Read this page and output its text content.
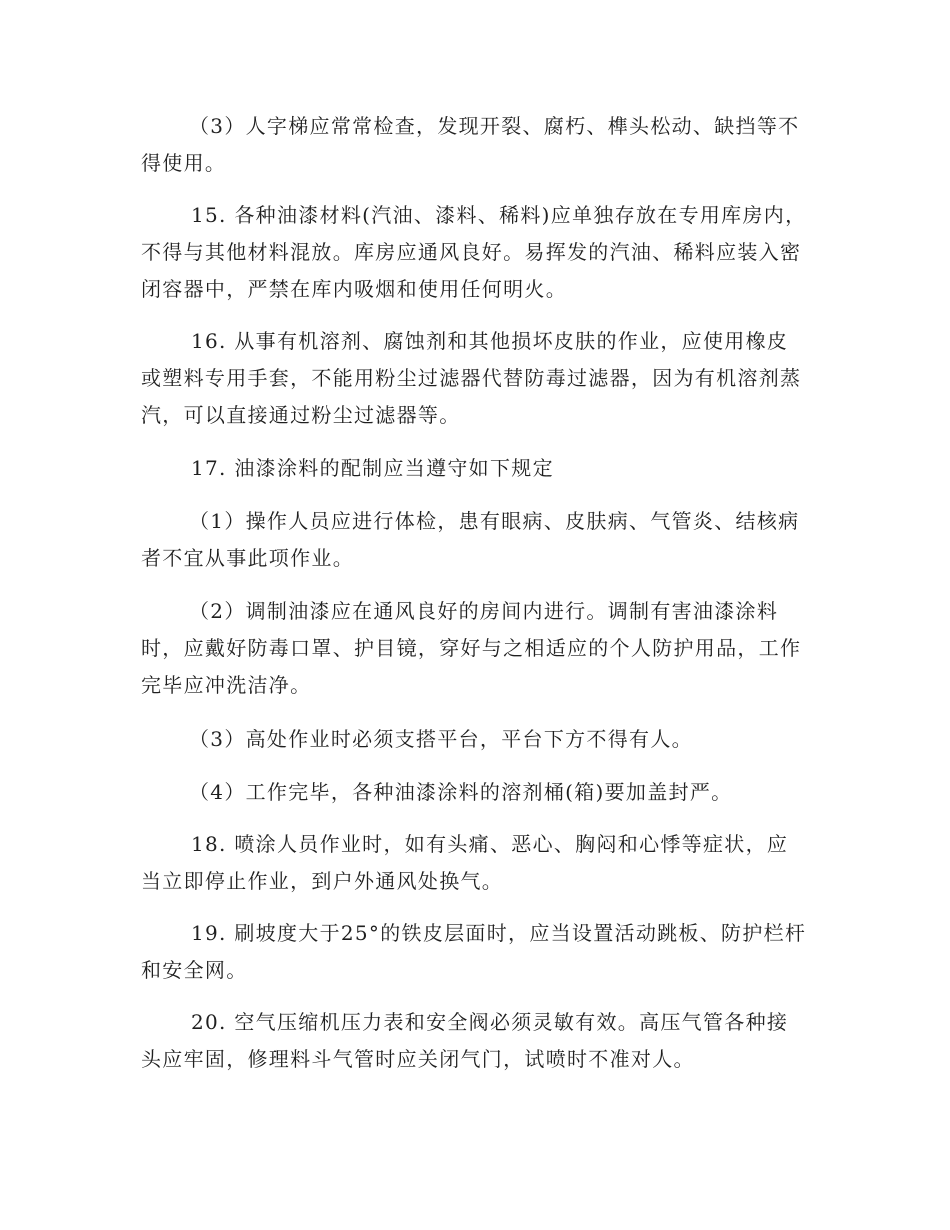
（3）人字梯应常常检查，发现开裂、腐朽、榫头松动、缺挡等不得使用。

15. 各种油漆材料(汽油、漆料、稀料)应单独存放在专用库房内，不得与其他材料混放。库房应通风良好。易挥发的汽油、稀料应装入密闭容器中，严禁在库内吸烟和使用任何明火。

16. 从事有机溶剂、腐蚀剂和其他损坏皮肤的作业，应使用橡皮或塑料专用手套，不能用粉尘过滤器代替防毒过滤器，因为有机溶剂蒸汽，可以直接通过粉尘过滤器等。

17. 油漆涂料的配制应当遵守如下规定

（1）操作人员应进行体检，患有眼病、皮肤病、气管炎、结核病者不宜从事此项作业。

（2）调制油漆应在通风良好的房间内进行。调制有害油漆涂料时，应戴好防毒口罩、护目镜，穿好与之相适应的个人防护用品，工作完毕应冲洗洁净。

（3）高处作业时必须支搭平台，平台下方不得有人。

（4）工作完毕，各种油漆涂料的溶剂桶(箱)要加盖封严。

18. 喷涂人员作业时，如有头痛、恶心、胸闷和心悸等症状，应当立即停止作业，到户外通风处换气。

19. 刷坡度大于25°的铁皮层面时，应当设置活动跳板、防护栏杆和安全网。

20. 空气压缩机压力表和安全阀必须灵敏有效。高压气管各种接头应牢固，修理料斗气管时应关闭气门，试喷时不准对人。
